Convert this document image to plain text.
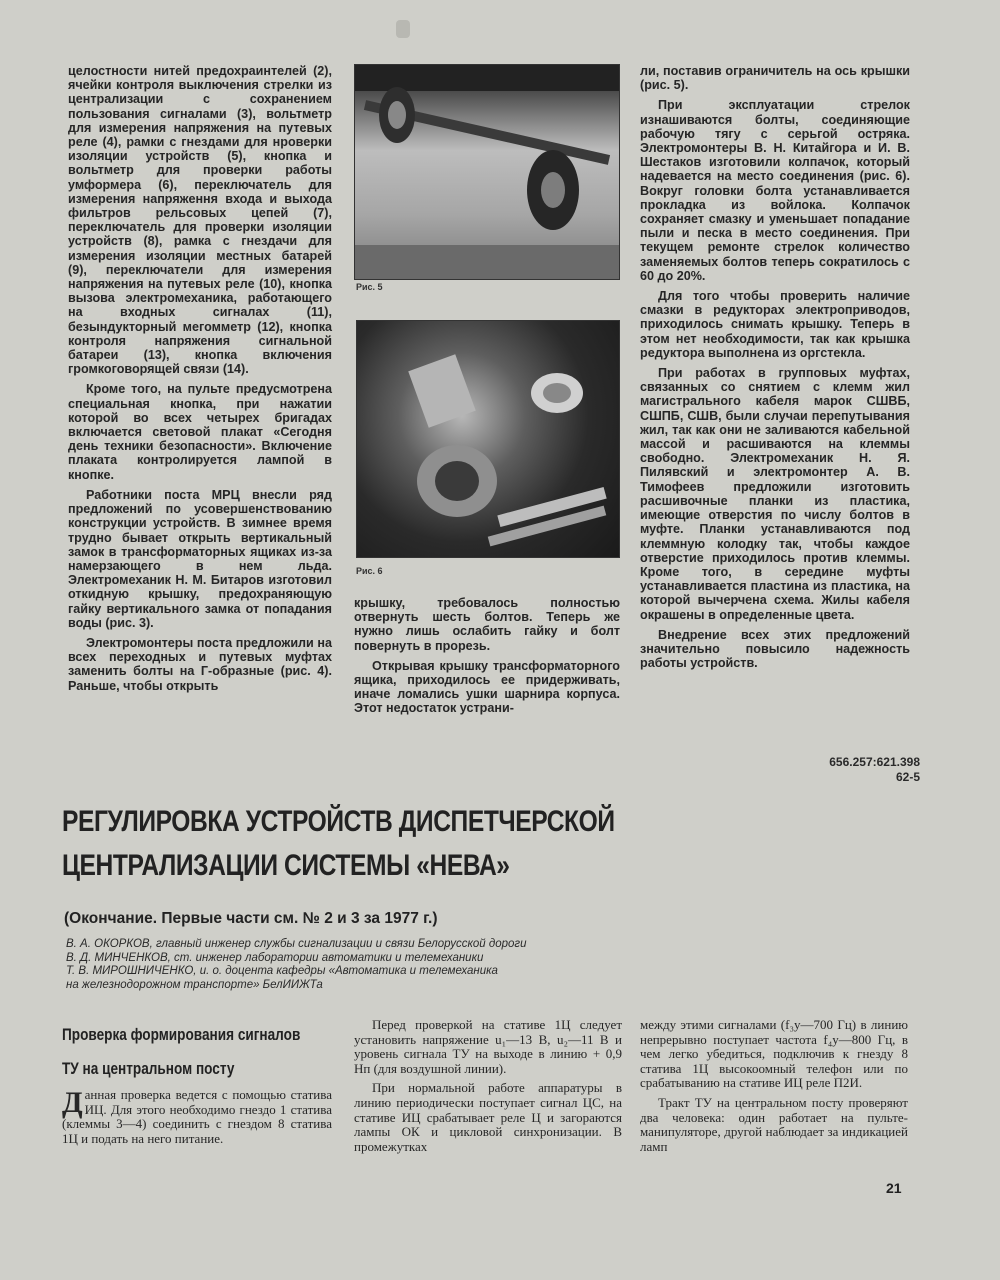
целостности нитей предохраинтелей (2), ячейки контроля выключения стрелки из централизации с сохранением пользования сигналами (3), вольтметр для измерения напряжения на путевых реле (4), рамки с гнездами для нроверки изоляции устройств (5), кнопка и вольтметр для проверки работы умформера (6), переключатель для измерения напряження входа и выхода фильтров рельсовых цепей (7), переключатель для проверки изоляции устройств (8), рамка с гнездачи для измерения изоляции местных батарей (9), переключатели для измерения напряжения на путевых реле (10), кнопка вызова электромеханика, работающего на входных сигналах (11), безындукторный мегомметр (12), кнопка контроля напряжения сигнальной батареи (13), кнопка включения громкоговорящей связи (14).

Кроме того, на пульте предусмотрена специальная кнопка, при нажатии которой во всех четырех бригадах включается световой плакат «Сегодня день техники безопасности». Включение плаката контролируется лампой в кнопке.

Работники поста МРЦ внесли ряд предложений по усовершенствованию конструкции устройств. В зимнее время трудно бывает открыть вертикальный замок в трансформаторных ящиках из-за намерзающего в нем льда. Электромеханик Н. М. Битаров изготовил откидную крышку, предохраняющую гайку вертикального замка от попадания воды (рис. 3).

Электромонтеры поста предложили на всех переходных и путевых муфтах заменить болты на Г-образные (рис. 4). Раньше, чтобы открыть

Рис. 5
Рис. 6

крышку, требовалось полностью отвернуть шесть болтов. Теперь же нужно лишь ослабить гайку и болт повернуть в прорезь.

Открывая крышку трансформаторного ящика, приходилось ее придерживать, иначе ломались ушки шарнира корпуса. Этот недостаток устрани-

ли, поставив ограничитель на ось крышки (рис. 5).

При эксплуатации стрелок изнашиваются болты, соединяющие рабочую тягу с серьгой остряка. Электромонтеры В. Н. Китайгора и И. В. Шестаков изготовили колпачок, который надевается на место соединения (рис. 6). Вокруг головки болта устанавливается прокладка из войлока. Колпачок сохраняет смазку и уменьшает попадание пыли и песка в место соединения. При текущем ремонте стрелок количество заменяемых болтов теперь сократилось с 60 до 20%.

Для того чтобы проверить наличие смазки в редукторах электроприводов, приходилось снимать крышку. Теперь в этом нет необходимости, так как крышка редуктора выполнена из оргстекла.

При работах в групповых муфтах, связанных со снятием с клемм жил магистрального кабеля марок СШВБ, СШПБ, СШВ, были случаи перепутывания жил, так как они не заливаются кабельной массой и расшиваются на клеммы свободно. Электромеханик Н. Я. Пилявский и электромонтер А. В. Тимофеев предложили изготовить расшивочные планки из пластика, имеющие отверстия по числу болтов в муфте. Планки устанавливаются под клеммную колодку так, чтобы каждое отверстие приходилось против клеммы. Кроме того, в середине муфты устанавливается пластина из пластика, на которой вычерчена схема. Жилы кабеля окрашены в определенные цвета.

Внедрение всех этих предложений значительно повысило надежность работы устройств.

656.257:621.398
62-5
РЕГУЛИРОВКА УСТРОЙСТВ ДИСПЕТЧЕРСКОЙ
ЦЕНТРАЛИЗАЦИИ СИСТЕМЫ «НЕВА»
(Окончание. Первые части см. № 2 и 3 за 1977 г.)
В. А. ОКОРКОВ, главный инженер службы сигнализации и связи Белорусской дороги
В. Д. МИНЧЕНКОВ, ст. инженер лаборатории автоматики и телемеханики
Т. В. МИРОШНИЧЕНКО, и. о. доцента кафедры «Автоматика и телемеханика
на железнодорожном транспорте» БелИИЖТа
Проверка формирования сигналов
ТУ на центральном посту

Данная проверка ведется с помощью статива ИЦ. Для этого необходимо гнездо 1 статива (клеммы 3—4) соединить с гнездом 8 статива 1Ц и подать на него питание.

Перед проверкой на стативе 1Ц следует установить напряжение u₁—13 В, u₂—11 В и уровень сигнала ТУ на выходе в линию + 0,9 Нп (для воздушной линии).

При нормальной работе аппаратуры в линию периодически поступает сигнал ЦС, на стативе ИЦ срабатывает реле Ц и загораются лампы ОК и цикловой синхронизации. В промежутках

между этими сигналами (f₃у—700 Гц) в линию непрерывно поступает частота f₄у—800 Гц, в чем легко убедиться, подключив к гнезду 8 статива 1Ц высокоомный телефон или по срабатыванию на стативе ИЦ реле П2И.

Тракт ТУ на центральном посту проверяют два человека: один работает на пульте-манипуляторе, другой наблюдает за индикацией ламп

21
